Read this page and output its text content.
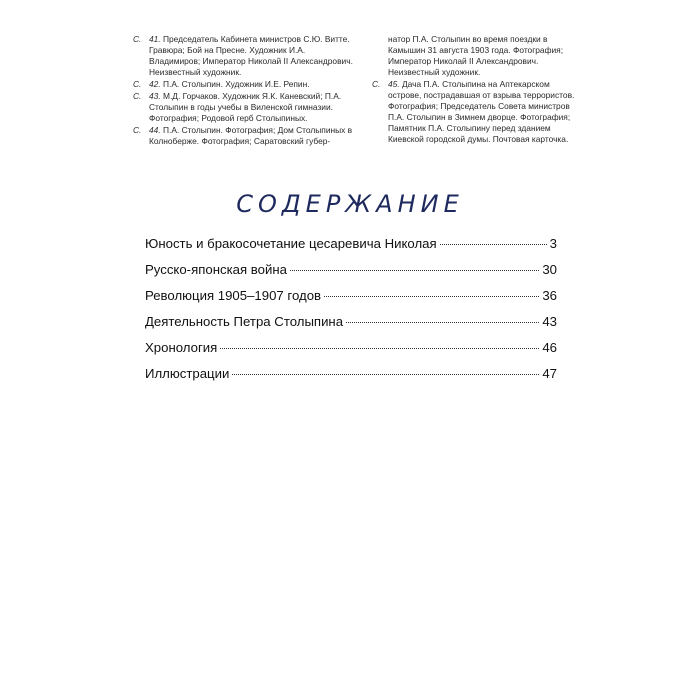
С. 41. Председатель Кабинета министров С.Ю. Витте. Гравюра; Бой на Пресне. Художник И.А. Владимиров; Император Николай II Александрович. Неизвестный художник.
С. 42. П.А. Столыпин. Художник И.Е. Репин.
С. 43. М.Д. Горчаков. Художник Я.К. Каневский; П.А. Столыпин в годы учебы в Виленской гимназии. Фотография; Родовой герб Столыпиных.
С. 44. П.А. Столыпин. Фотография; Дом Столыпиных в Колноберже. Фотография; Саратовский губер-
натор П.А. Столыпин во время поездки в Камышин 31 августа 1903 года. Фотография; Император Николай II Александрович. Неизвестный художник.
С. 45. Дача П.А. Столыпина на Аптекарском острове, пострадавшая от взрыва террористов. Фотография; Председатель Совета министров П.А. Столыпин в Зимнем дворце. Фотография; Памятник П.А. Столыпину перед зданием Киевской городской думы. Почтовая карточка.
СОДЕРЖАНИЕ
Юность и бракосочетание цесаревича Николая	3
Русско-японская война	30
Революция 1905–1907 годов	36
Деятельность Петра Столыпина	43
Хронология	46
Иллюстрации	47
